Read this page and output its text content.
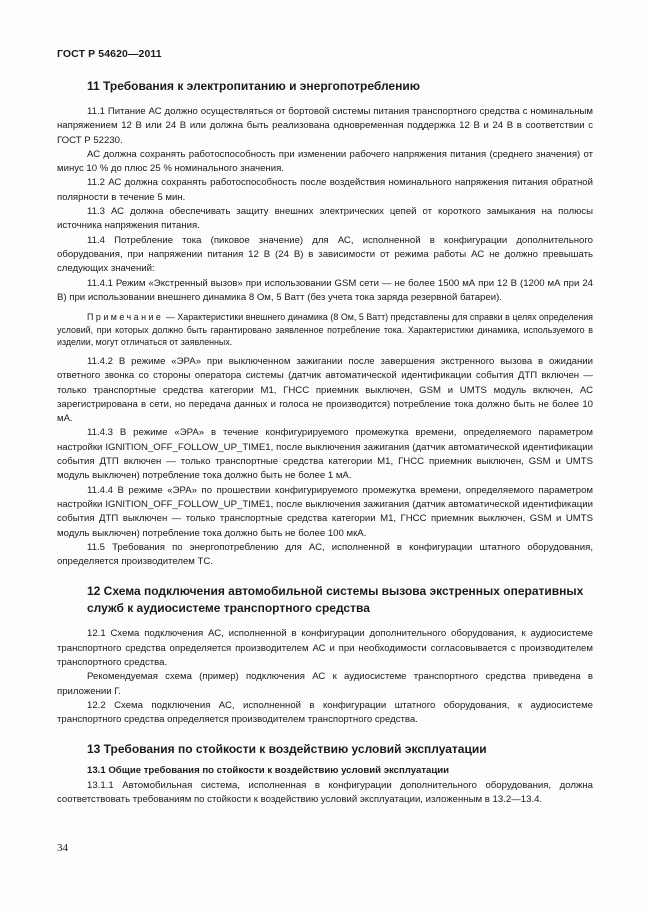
ГОСТ Р 54620—2011
11 Требования к электропитанию и энергопотреблению

11.1 Питание АС должно осуществляться от бортовой системы питания транспортного средства с номинальным напряжением 12 В или 24 В или должна быть реализована одновременная поддержка 12 В и 24 В в соответствии с ГОСТ Р 52230.

АС должна сохранять работоспособность при изменении рабочего напряжения питания (среднего значения) от минус 10 % до плюс 25 % номинального значения.

11.2 АС должна сохранять работоспособность после воздействия номинального напряжения питания обратной полярности в течение 5 мин.

11.3 АС должна обеспечивать защиту внешних электрических цепей от короткого замыкания на полюсы источника напряжения питания.

11.4 Потребление тока (пиковое значение) для АС, исполненной в конфигурации дополнительного оборудования, при напряжении питания 12 В (24 В) в зависимости от режима работы АС не должно превышать следующих значений:

11.4.1 Режим «Экстренный вызов» при использовании GSM сети — не более 1500 мА при 12 В (1200 мА при 24 В) при использовании внешнего динамика 8 Ом, 5 Ватт (без учета тока заряда резервной батареи).

Примечание — Характеристики внешнего динамика (8 Ом, 5 Ватт) представлены для справки в целях определения условий, при которых должно быть гарантировано заявленное потребление тока. Характеристики динамика, используемого в изделии, могут отличаться от заявленных.

11.4.2 В режиме «ЭРА» при выключенном зажигании после завершения экстренного вызова в ожидании ответного звонка со стороны оператора системы (датчик автоматической идентификации события ДТП включен — только транспортные средства категории М1, ГНСС приемник выключен, GSM и UMTS модуль включен, АС зарегистрирована в сети, но передача данных и голоса не производится) потребление тока должно быть не более 10 мА.

11.4.3 В режиме «ЭРА» в течение конфигурируемого промежутка времени, определяемого параметром настройки IGNITION_OFF_FOLLOW_UP_TIME1, после выключения зажигания (датчик автоматической идентификации события ДТП включен — только транспортные средства категории М1, ГНСС приемник выключен, GSM и UMTS модуль выключен) потребление тока должно быть не более 1 мА.

11.4.4 В режиме «ЭРА» по прошествии конфигурируемого промежутка времени, определяемого параметром настройки IGNITION_OFF_FOLLOW_UP_TIME1, после выключения зажигания (датчик автоматической идентификации события ДТП выключен — только транспортные средства категории М1, ГНСС приемник выключен, GSM и UMTS модуль выключен) потребление тока должно быть не более 100 мкА.

11.5 Требования по энергопотреблению для АС, исполненной в конфигурации штатного оборудования, определяется производителем ТС.

12 Схема подключения автомобильной системы вызова экстренных оперативных служб к аудиосистеме транспортного средства

12.1 Схема подключения АС, исполненной в конфигурации дополнительного оборудования, к аудиосистеме транспортного средства определяется производителем АС и при необходимости согласовывается с производителем транспортного средства.

Рекомендуемая схема (пример) подключения АС к аудиосистеме транспортного средства приведена в приложении Г.

12.2 Схема подключения АС, исполненной в конфигурации штатного оборудования, к аудиосистеме транспортного средства определяется производителем транспортного средства.

13 Требования по стойкости к воздействию условий эксплуатации
13.1 Общие требования по стойкости к воздействию условий эксплуатации

13.1.1 Автомобильная система, исполненная в конфигурации дополнительного оборудования, должна соответствовать требованиям по стойкости к воздействию условий эксплуатации, изложенным в 13.2—13.4.

34
